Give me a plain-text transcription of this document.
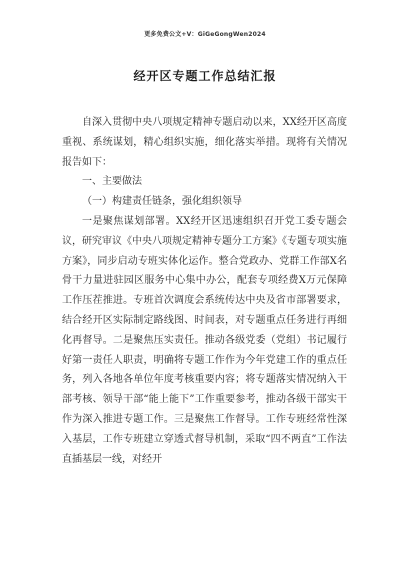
更多免费公文+V：GiGeGongWen2024
经开区专题工作总结汇报

自深入贯彻中央八项规定精神专题启动以来，XX经开区高度重视、系统谋划，精心组织实施，细化落实举措。现将有关情况报告如下：

一、主要做法

（一）构建责任链条，强化组织领导

一是聚焦谋划部署。XX经开区迅速组织召开党工委专题会议，研究审议《中央八项规定精神专题分工方案》《专题专项实施方案》，同步启动专班实体化运作。整合党政办、党群工作部X名骨干力量进驻园区服务中心集中办公，配套专项经费X万元保障工作压茬推进。专班首次调度会系统传达中央及省市部署要求，结合经开区实际制定路线图、时间表，对专题重点任务进行再细化再督导。二是聚焦压实责任。推动各级党委（党组）书记履行好第一责任人职责，明确将专题工作作为今年党建工作的重点任务，列入各地各单位年度考核重要内容；将专题落实情况纳入干部考核、领导干部“能上能下”工作重要参考，推动各级干部实干作为深入推进专题工作。三是聚焦工作督导。工作专班经常性深入基层，工作专班建立穿透式督导机制，采取“四不两直”工作法直插基层一线，对经开
